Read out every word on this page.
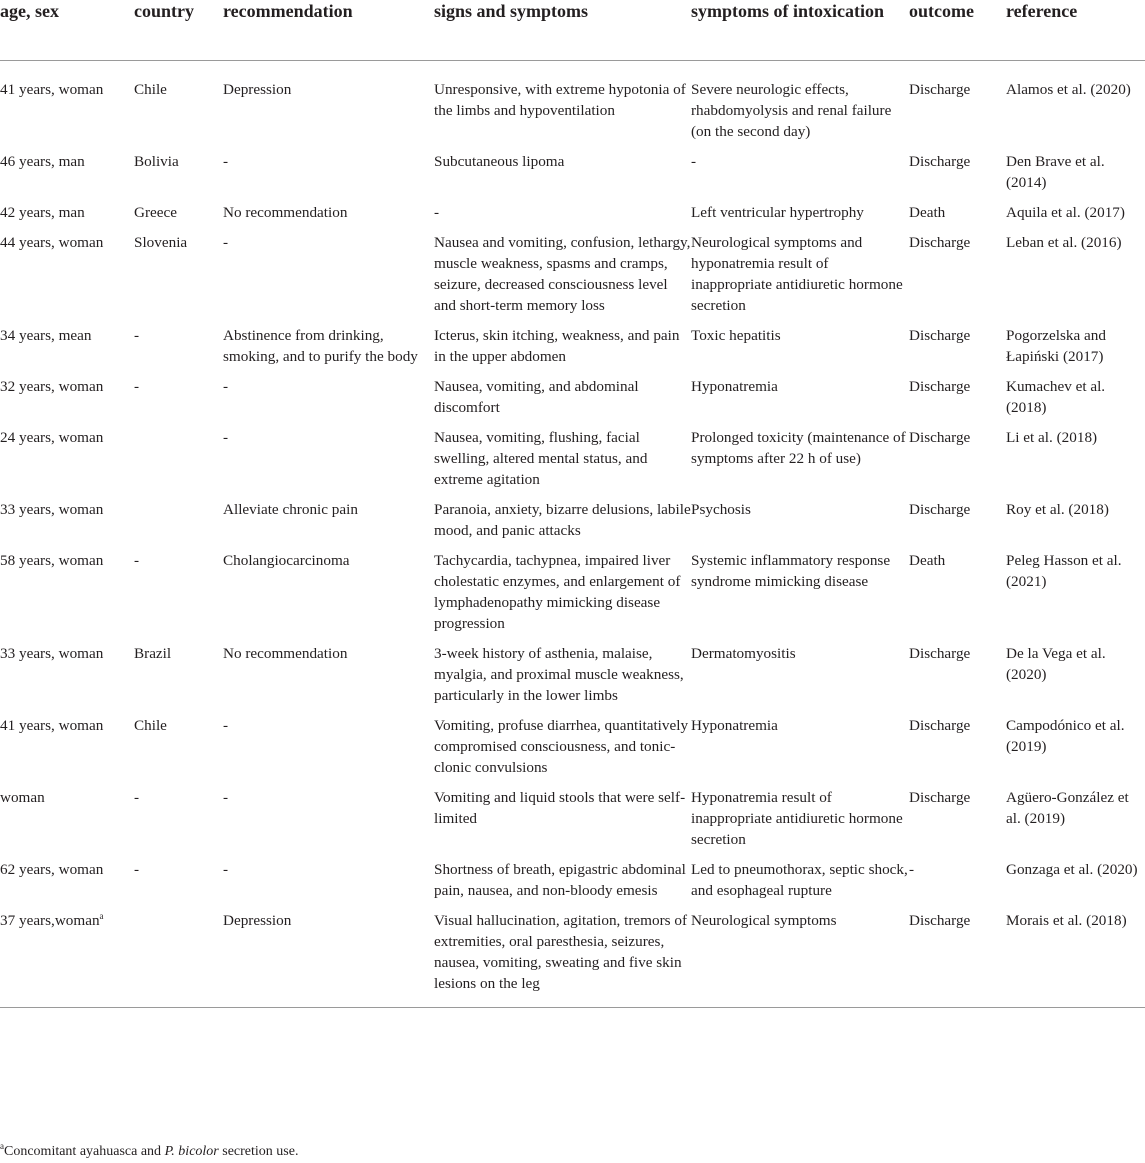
age, sex	country	recommendation	signs and symptoms	symptoms of intoxication	outcome	reference
41 years, woman	Chile	Depression	Unresponsive, with extreme hypotonia of the limbs and hypoventilation	Severe neurologic effects, rhabdomyolysis and renal failure (on the second day)	Discharge	Alamos et al. (2020)
46 years, man	Bolivia	-	Subcutaneous lipoma	-	Discharge	Den Brave et al. (2014)
42 years, man	Greece	No recommendation	-	Left ventricular hypertrophy	Death	Aquila et al. (2017)
44 years, woman	Slovenia	-	Nausea and vomiting, confusion, lethargy, muscle weakness, spasms and cramps, seizure, decreased consciousness level and short-term memory loss	Neurological symptoms and hyponatremia result of inappropriate antidiuretic hormone secretion	Discharge	Leban et al. (2016)
34 years, mean	-	Abstinence from drinking, smoking, and to purify the body	Icterus, skin itching, weakness, and pain in the upper abdomen	Toxic hepatitis	Discharge	Pogorzelska and Łapiński (2017)
32 years, woman	-	-	Nausea, vomiting, and abdominal discomfort	Hyponatremia	Discharge	Kumachev et al. (2018)
24 years, woman		-	Nausea, vomiting, flushing, facial swelling, altered mental status, and extreme agitation	Prolonged toxicity (maintenance of symptoms after 22 h of use)	Discharge	Li et al. (2018)
33 years, woman		Alleviate chronic pain	Paranoia, anxiety, bizarre delusions, labile mood, and panic attacks	Psychosis	Discharge	Roy et al. (2018)
58 years, woman	-	Cholangiocarcinoma	Tachycardia, tachypnea, impaired liver cholestatic enzymes, and enlargement of lymphadenopathy mimicking disease progression	Systemic inflammatory response syndrome mimicking disease	Death	Peleg Hasson et al. (2021)
33 years, woman	Brazil	No recommendation	3-week history of asthenia, malaise, myalgia, and proximal muscle weakness, particularly in the lower limbs	Dermatomyositis	Discharge	De la Vega et al. (2020)
41 years, woman	Chile	-	Vomiting, profuse diarrhea, quantitatively compromised consciousness, and tonic-clonic convulsions	Hyponatremia	Discharge	Campodónico et al. (2019)
woman	-	-	Vomiting and liquid stools that were self-limited	Hyponatremia result of inappropriate antidiuretic hormone secretion	Discharge	Agüero-González et al. (2019)
62 years, woman	-	-	Shortness of breath, epigastric abdominal pain, nausea, and non-bloody emesis	Led to pneumothorax, septic shock, and esophageal rupture	-	Gonzaga et al. (2020)
37 years,woman$^a$		Depression	Visual hallucination, agitation, tremors of extremities, oral paresthesia, seizures, nausea, vomiting, sweating and five skin lesions on the leg	Neurological symptoms	Discharge	Morais et al. (2018)
$^a$Concomitant ayahuasca and P. bicolor secretion use.
